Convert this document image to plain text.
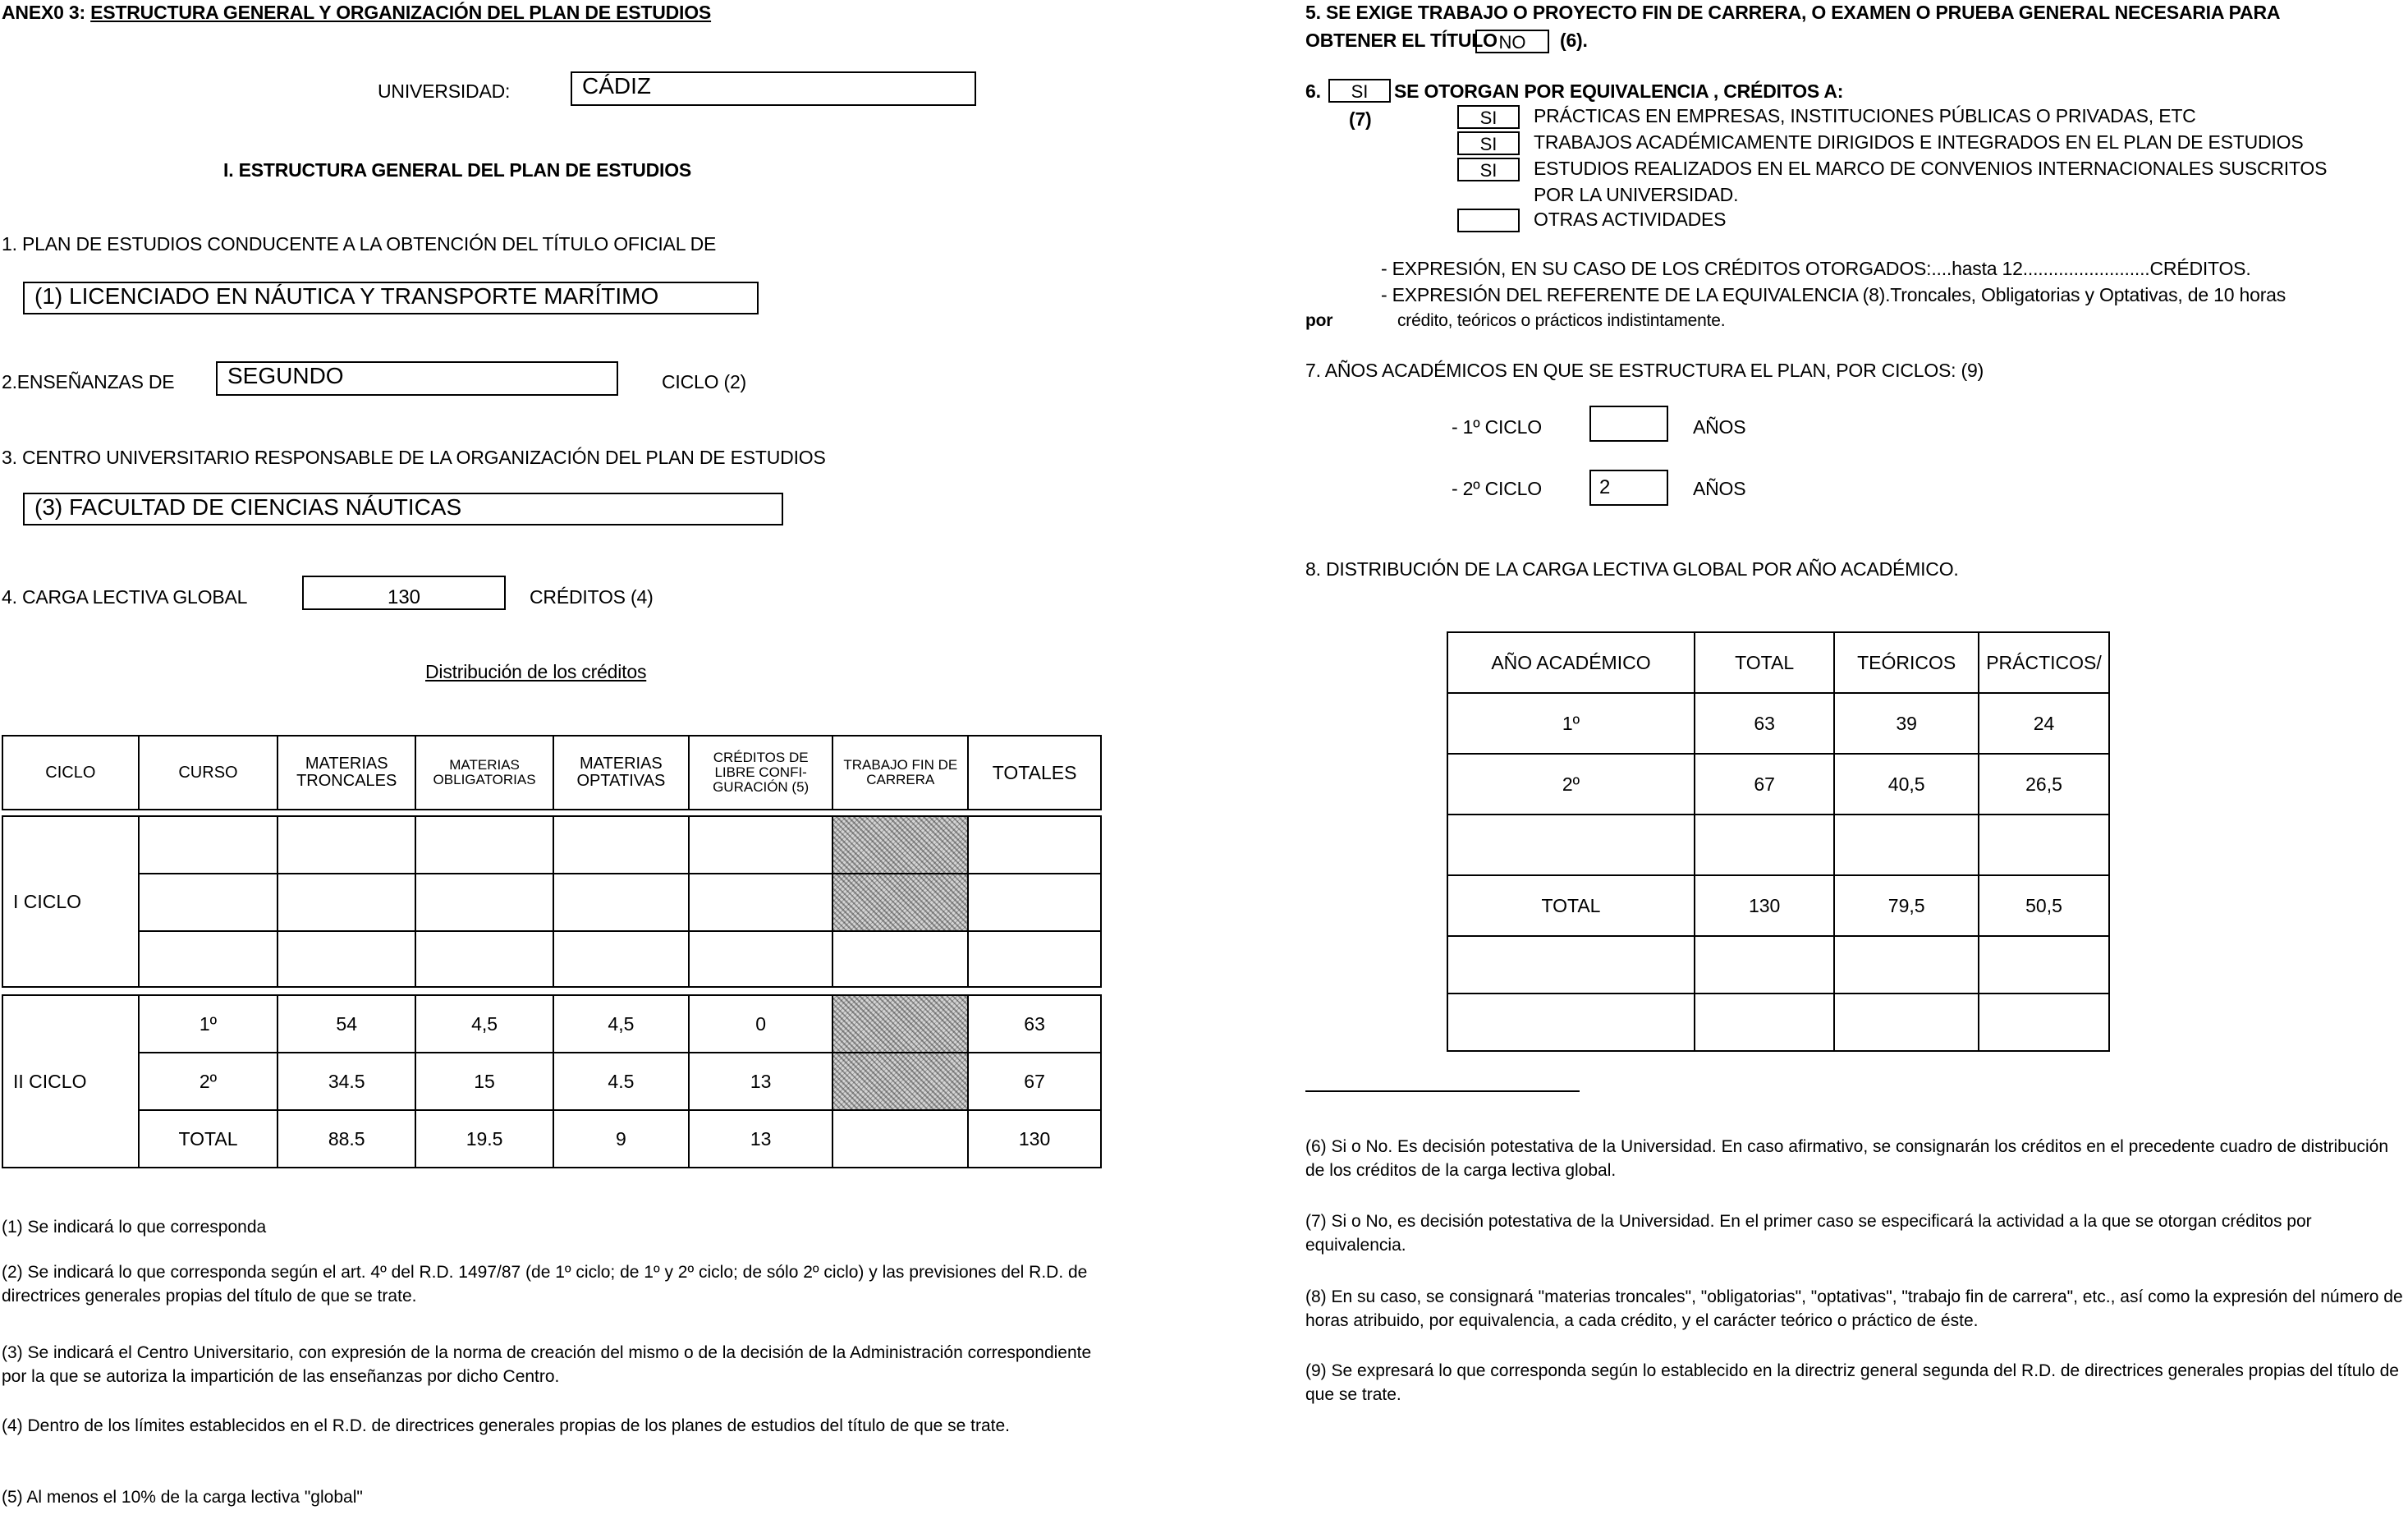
ANEX0 3: ESTRUCTURA GENERAL Y ORGANIZACIÓN DEL PLAN DE ESTUDIOS
UNIVERSIDAD:	CÁDIZ
I. ESTRUCTURA GENERAL DEL PLAN DE ESTUDIOS
1. PLAN DE ESTUDIOS CONDUCENTE A LA OBTENCIÓN DEL TÍTULO OFICIAL DE
(1) LICENCIADO EN NÁUTICA Y TRANSPORTE MARÍTIMO
2.ENSEÑANZAS DE	SEGUNDO	CICLO (2)
3. CENTRO UNIVERSITARIO RESPONSABLE DE LA ORGANIZACIÓN DEL PLAN DE ESTUDIOS
(3) FACULTAD DE CIENCIAS NÁUTICAS
4. CARGA LECTIVA GLOBAL	130	CRÉDITOS (4)
Distribución de los créditos
CICLO	CURSO	MATERIAS TRONCALES	MATERIAS OBLIGATORIAS	MATERIAS OPTATIVAS	CRÉDITOS DE LIBRE CONFI- GURACIÓN (5)	TRABAJO FIN DE CARRERA	TOTALES

I CICLO							

II CICLO	1º	54	4,5	4,5	0		63
	2º	34.5	15	4.5	13		67
	TOTAL	88.5	19.5	9	13		130
(1) Se indicará lo que corresponda
(2) Se indicará lo que corresponda según el art. 4º del R.D. 1497/87 (de 1º ciclo; de 1º y 2º ciclo; de sólo 2º ciclo) y las previsiones del R.D. de directrices generales propias del título de que se trate.
(3) Se indicará el Centro Universitario, con expresión de la norma de creación del mismo o de la decisión de la Administración correspondiente por la que se autoriza la impartición de las enseñanzas por dicho Centro.
(4) Dentro de los límites establecidos en el R.D. de directrices generales propias de los planes de estudios del título de que se trate.
(5) Al menos el 10% de la carga lectiva "global"
5. SE EXIGE TRABAJO O PROYECTO FIN DE CARRERA, O EXAMEN O PRUEBA GENERAL NECESARIA PARA
OBTENER EL TÍTULO NO	(6).
6.	SI	SE OTORGAN POR EQUIVALENCIA , CRÉDITOS A:
(7)	SI	PRÁCTICAS EN EMPRESAS, INSTITUCIONES PÚBLICAS O PRIVADAS, ETC
SI	TRABAJOS ACADÉMICAMENTE DIRIGIDOS E INTEGRADOS EN EL PLAN DE ESTUDIOS
SI	ESTUDIOS REALIZADOS EN EL MARCO DE CONVENIOS INTERNACIONALES SUSCRITOS
POR LA UNIVERSIDAD.
OTRAS ACTIVIDADES
- EXPRESIÓN, EN SU CASO DE LOS CRÉDITOS OTORGADOS:....hasta 12.........................CRÉDITOS.
- EXPRESIÓN DEL REFERENTE DE LA EQUIVALENCIA (8).Troncales, Obligatorias y Optativas, de 10 horas
por	crédito, teóricos o prácticos indistintamente.
7. AÑOS ACADÉMICOS EN QUE SE ESTRUCTURA EL PLAN, POR CICLOS: (9)
- 1º CICLO	AÑOS
- 2º CICLO	2	AÑOS
8. DISTRIBUCIÓN DE LA CARGA LECTIVA GLOBAL POR AÑO ACADÉMICO.
AÑO ACADÉMICO	TOTAL	TEÓRICOS	PRÁCTICOS/
1º	63	39	24
2º	67	40,5	26,5

TOTAL	130	79,5	50,5

(6) Si o No. Es decisión potestativa de la Universidad. En caso afirmativo, se consignarán los créditos en el precedente cuadro de distribución de los créditos de la carga lectiva global.
(7) Si o No, es decisión potestativa de la Universidad. En el primer caso se especificará la actividad a la que se otorgan créditos por equivalencia.
(8) En su caso, se consignará "materias troncales", "obligatorias", "optativas", "trabajo fin de carrera", etc., así como la expresión del número de horas atribuido, por equivalencia, a cada crédito, y el carácter teórico o práctico de éste.
(9) Se expresará lo que corresponda según lo establecido en la directriz general segunda del R.D. de directrices generales propias del título de que se trate.
